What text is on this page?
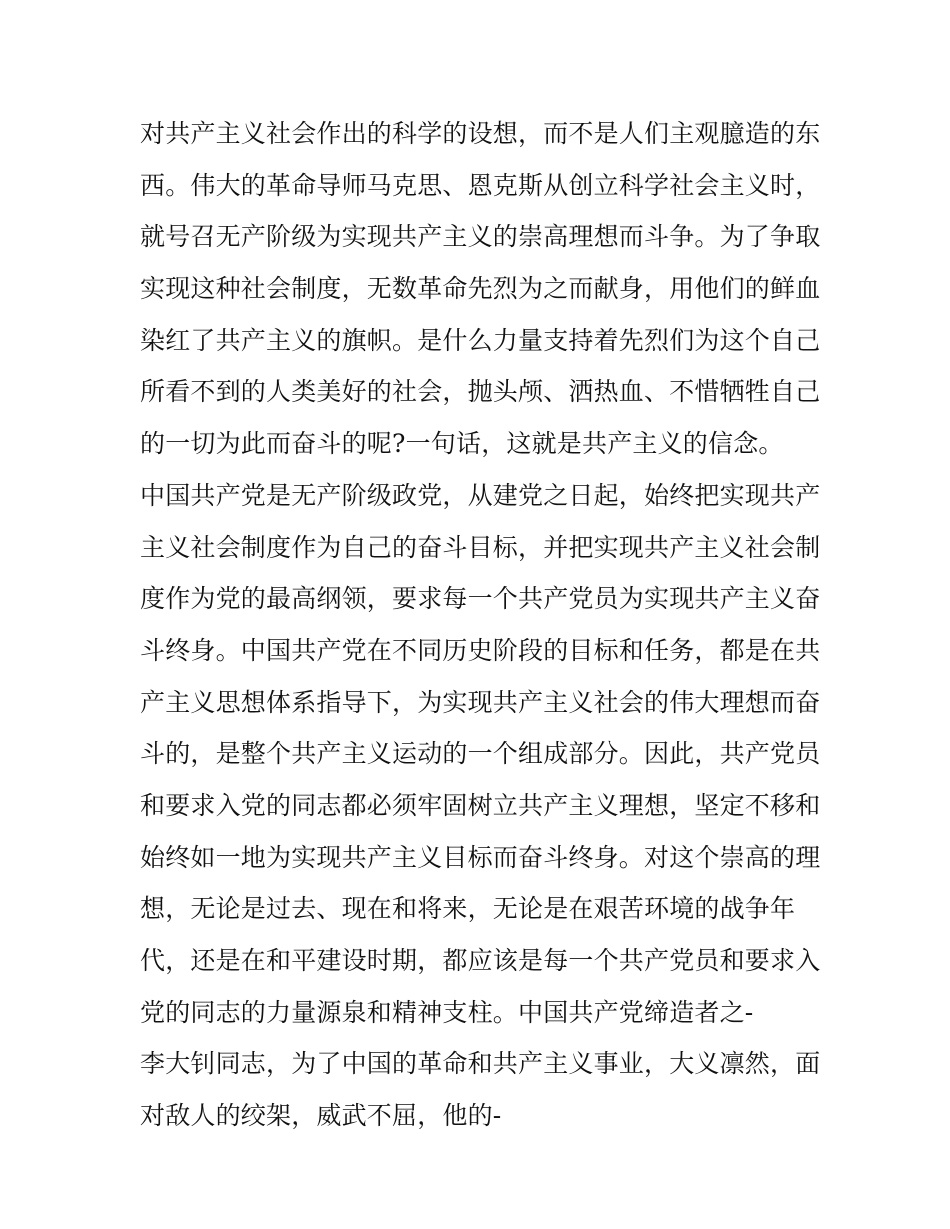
对共产主义社会作出的科学的设想，而不是人们主观臆造的东
西。伟大的革命导师马克思、恩克斯从创立科学社会主义时，
就号召无产阶级为实现共产主义的崇高理想而斗争。为了争取
实现这种社会制度，无数革命先烈为之而献身，用他们的鲜血
染红了共产主义的旗帜。是什么力量支持着先烈们为这个自己
所看不到的人类美好的社会，抛头颅、洒热血、不惜牺牲自己
的一切为此而奋斗的呢?一句话，这就是共产主义的信念。
中国共产党是无产阶级政党，从建党之日起，始终把实现共产
主义社会制度作为自己的奋斗目标，并把实现共产主义社会制
度作为党的最高纲领，要求每一个共产党员为实现共产主义奋
斗终身。中国共产党在不同历史阶段的目标和任务，都是在共
产主义思想体系指导下，为实现共产主义社会的伟大理想而奋
斗的，是整个共产主义运动的一个组成部分。因此，共产党员
和要求入党的同志都必须牢固树立共产主义理想，坚定不移和
始终如一地为实现共产主义目标而奋斗终身。对这个崇高的理
想，无论是过去、现在和将来，无论是在艰苦环境的战争年
代，还是在和平建设时期，都应该是每一个共产党员和要求入
党的同志的力量源泉和精神支柱。中国共产党缔造者之-
李大钊同志，为了中国的革命和共产主义事业，大义凛然，面
对敌人的绞架，威武不屈，他的-
